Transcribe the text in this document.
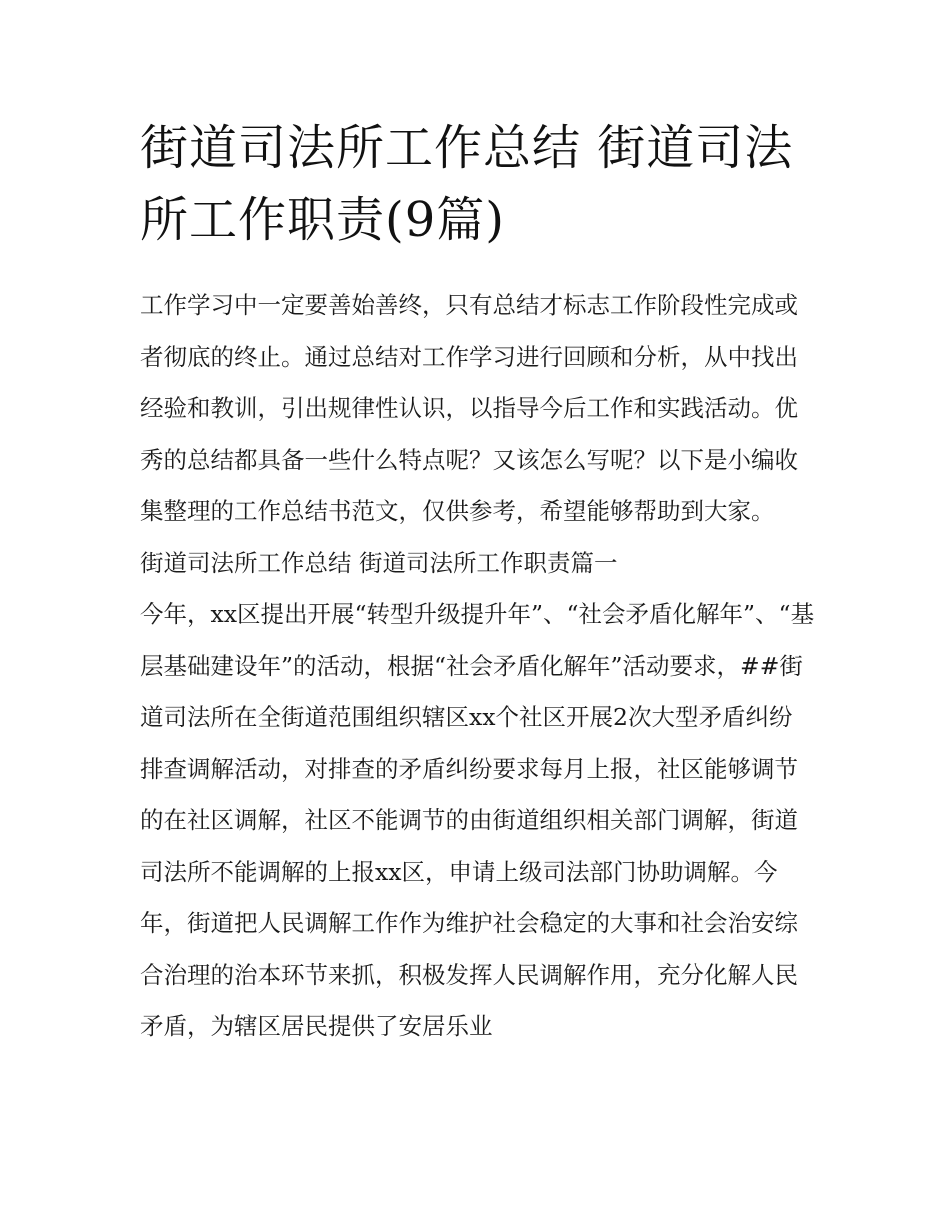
街道司法所工作总结 街道司法所工作职责(9篇)

工作学习中一定要善始善终，只有总结才标志工作阶段性完成或者彻底的终止。通过总结对工作学习进行回顾和分析，从中找出经验和教训，引出规律性认识，以指导今后工作和实践活动。优秀的总结都具备一些什么特点呢？又该怎么写呢？以下是小编收集整理的工作总结书范文，仅供参考，希望能够帮助到大家。

街道司法所工作总结 街道司法所工作职责篇一

今年，xx区提出开展“转型升级提升年”、“社会矛盾化解年”、“基层基础建设年”的活动，根据“社会矛盾化解年”活动要求，##街道司法所在全街道范围组织辖区xx个社区开展2次大型矛盾纠纷排查调解活动，对排查的矛盾纠纷要求每月上报，社区能够调节的在社区调解，社区不能调节的由街道组织相关部门调解，街道司法所不能调解的上报xx区，申请上级司法部门协助调解。今年，街道把人民调解工作作为维护社会稳定的大事和社会治安综合治理的治本环节来抓，积极发挥人民调解作用，充分化解人民矛盾，为辖区居民提供了安居乐业
